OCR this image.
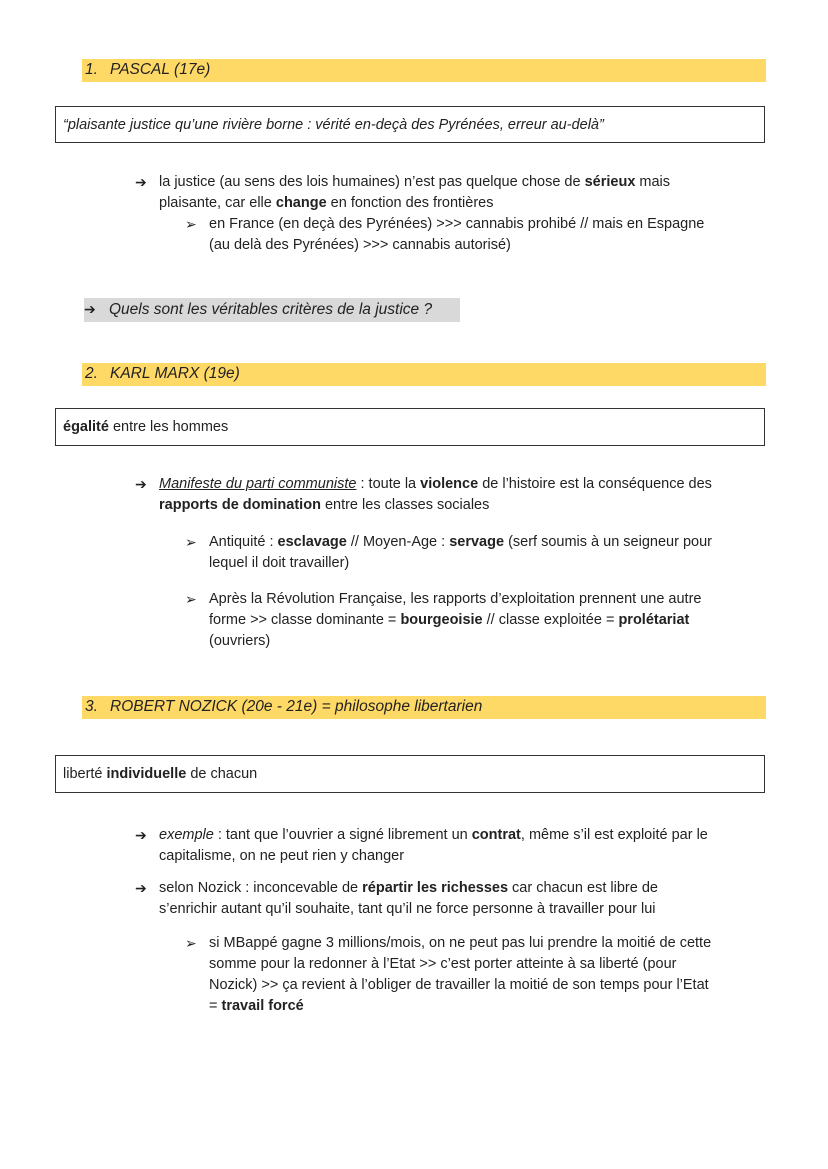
➔ Quels sont les véritables critères de la justice ?
1. PASCAL (17e)
“plaisante justice qu’une rivière borne : vérité en-deçà des Pyrénées, erreur au-delà”
➔ la justice (au sens des lois humaines) n’est pas quelque chose de sérieux mais
plaisante, car elle change en fonction des frontières
➢ en France (en deçà des Pyrénées) >>> cannabis prohibé // mais en Espagne
(au delà des Pyrénées) >>> cannabis autorisé)
2. KARL MARX (19e)
égalité entre les hommes
➔ Manifeste du parti communiste : toute la violence de l’histoire est la conséquence des
rapports de domination entre les classes sociales
➢ Antiquité : esclavage // Moyen-Age : servage (serf soumis à un seigneur pour
lequel il doit travailler)
➢ Après la Révolution Française, les rapports d’exploitation prennent une autre
forme >> classe dominante = bourgeoisie // classe exploitée = prolétariat
(ouvriers)
3. ROBERT NOZICK (20e - 21e) = philosophe libertarien
liberté individuelle de chacun
➔ exemple : tant que l’ouvrier a signé librement un contrat, même s’il est exploité par le
capitalisme, on ne peut rien y changer
➔ selon Nozick : inconcevable de répartir les richesses car chacun est libre de
s’enrichir autant qu’il souhaite, tant qu’il ne force personne à travailler pour lui
➢ si MBappé gagne 3 millions/mois, on ne peut pas lui prendre la moitié de cette
somme pour la redonner à l’Etat >> c’est porter atteinte à sa liberté (pour
Nozick) >> ça revient à l’obliger de travailler la moitié de son temps pour l’Etat
= travail forcé
